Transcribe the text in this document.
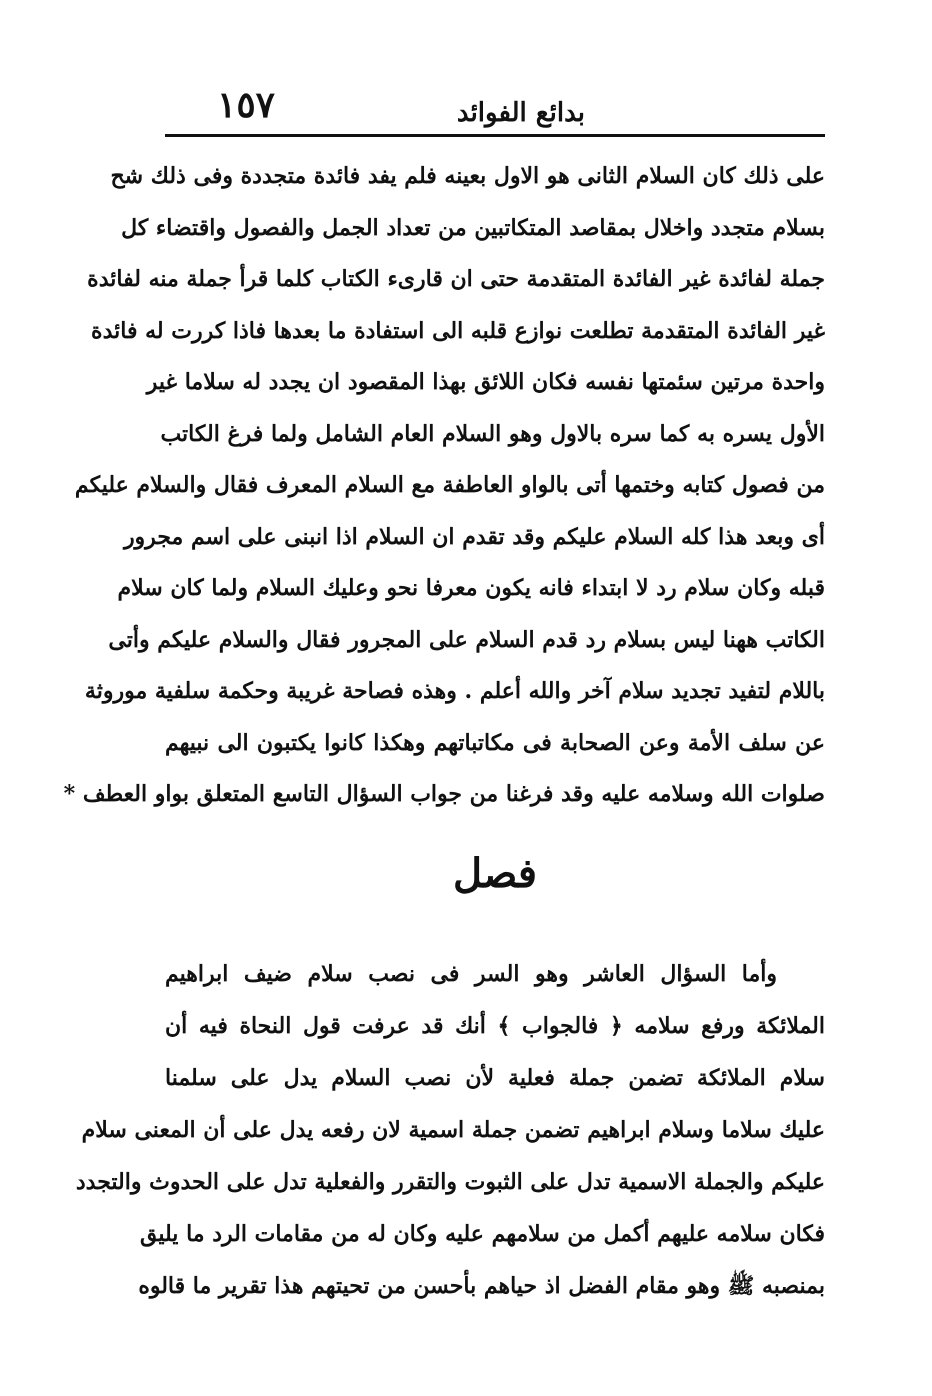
بدائع الفوائد
١٥٧
على ذلك كان السلام الثانى هو الاول بعينه فلم يفد فائدة متجددة وفى ذلك شح
بسلام متجدد واخلال بمقاصد المتكاتبين من تعداد الجمل والفصول واقتضاء كل
جملة لفائدة غير الفائدة المتقدمة حتى ان قارىء الكتاب كلما قرأ جملة منه لفائدة
غير الفائدة المتقدمة تطلعت نوازع قلبه الى استفادة ما بعدها فاذا كررت له فائدة
واحدة مرتين سئمتها نفسه فكان اللائق بهذا المقصود ان يجدد له سلاما غير
الأول يسره به كما سره بالاول وهو السلام العام الشامل ولما فرغ الكاتب
من فصول كتابه وختمها أتى بالواو العاطفة مع السلام المعرف فقال والسلام عليكم
أى وبعد هذا كله السلام عليكم وقد تقدم ان السلام اذا انبنى على اسم مجرور
قبله وكان سلام رد لا ابتداء فانه يكون معرفا نحو وعليك السلام ولما كان سلام
الكاتب ههنا ليس بسلام رد قدم السلام على المجرور فقال والسلام عليكم وأتى
باللام لتفيد تجديد سلام آخر والله أعلم . وهذه فصاحة غريبة وحكمة سلفية موروثة
عن سلف الأمة وعن الصحابة فى مكاتباتهم وهكذا كانوا يكتبون الى نبيهم
صلوات الله وسلامه عليه وقد فرغنا من جواب السؤال التاسع المتعلق بواو العطف *
فصل
وأما السؤال العاشر وهو السر فى نصب سلام ضيف ابراهيم
الملائكة ورفع سلامه ﴿ فالجواب ﴾ أنك قد عرفت قول النحاة فيه أن
سلام الملائكة تضمن جملة فعلية لأن نصب السلام يدل على سلمنا
عليك سلاما وسلام ابراهيم تضمن جملة اسمية لان رفعه يدل على أن المعنى سلام
عليكم والجملة الاسمية تدل على الثبوت والتقرر والفعلية تدل على الحدوث والتجدد
فكان سلامه عليهم أكمل من سلامهم عليه وكان له من مقامات الرد ما يليق
بمنصبه ﷺ وهو مقام الفضل اذ حياهم بأحسن من تحيتهم هذا تقرير ما قالوه
